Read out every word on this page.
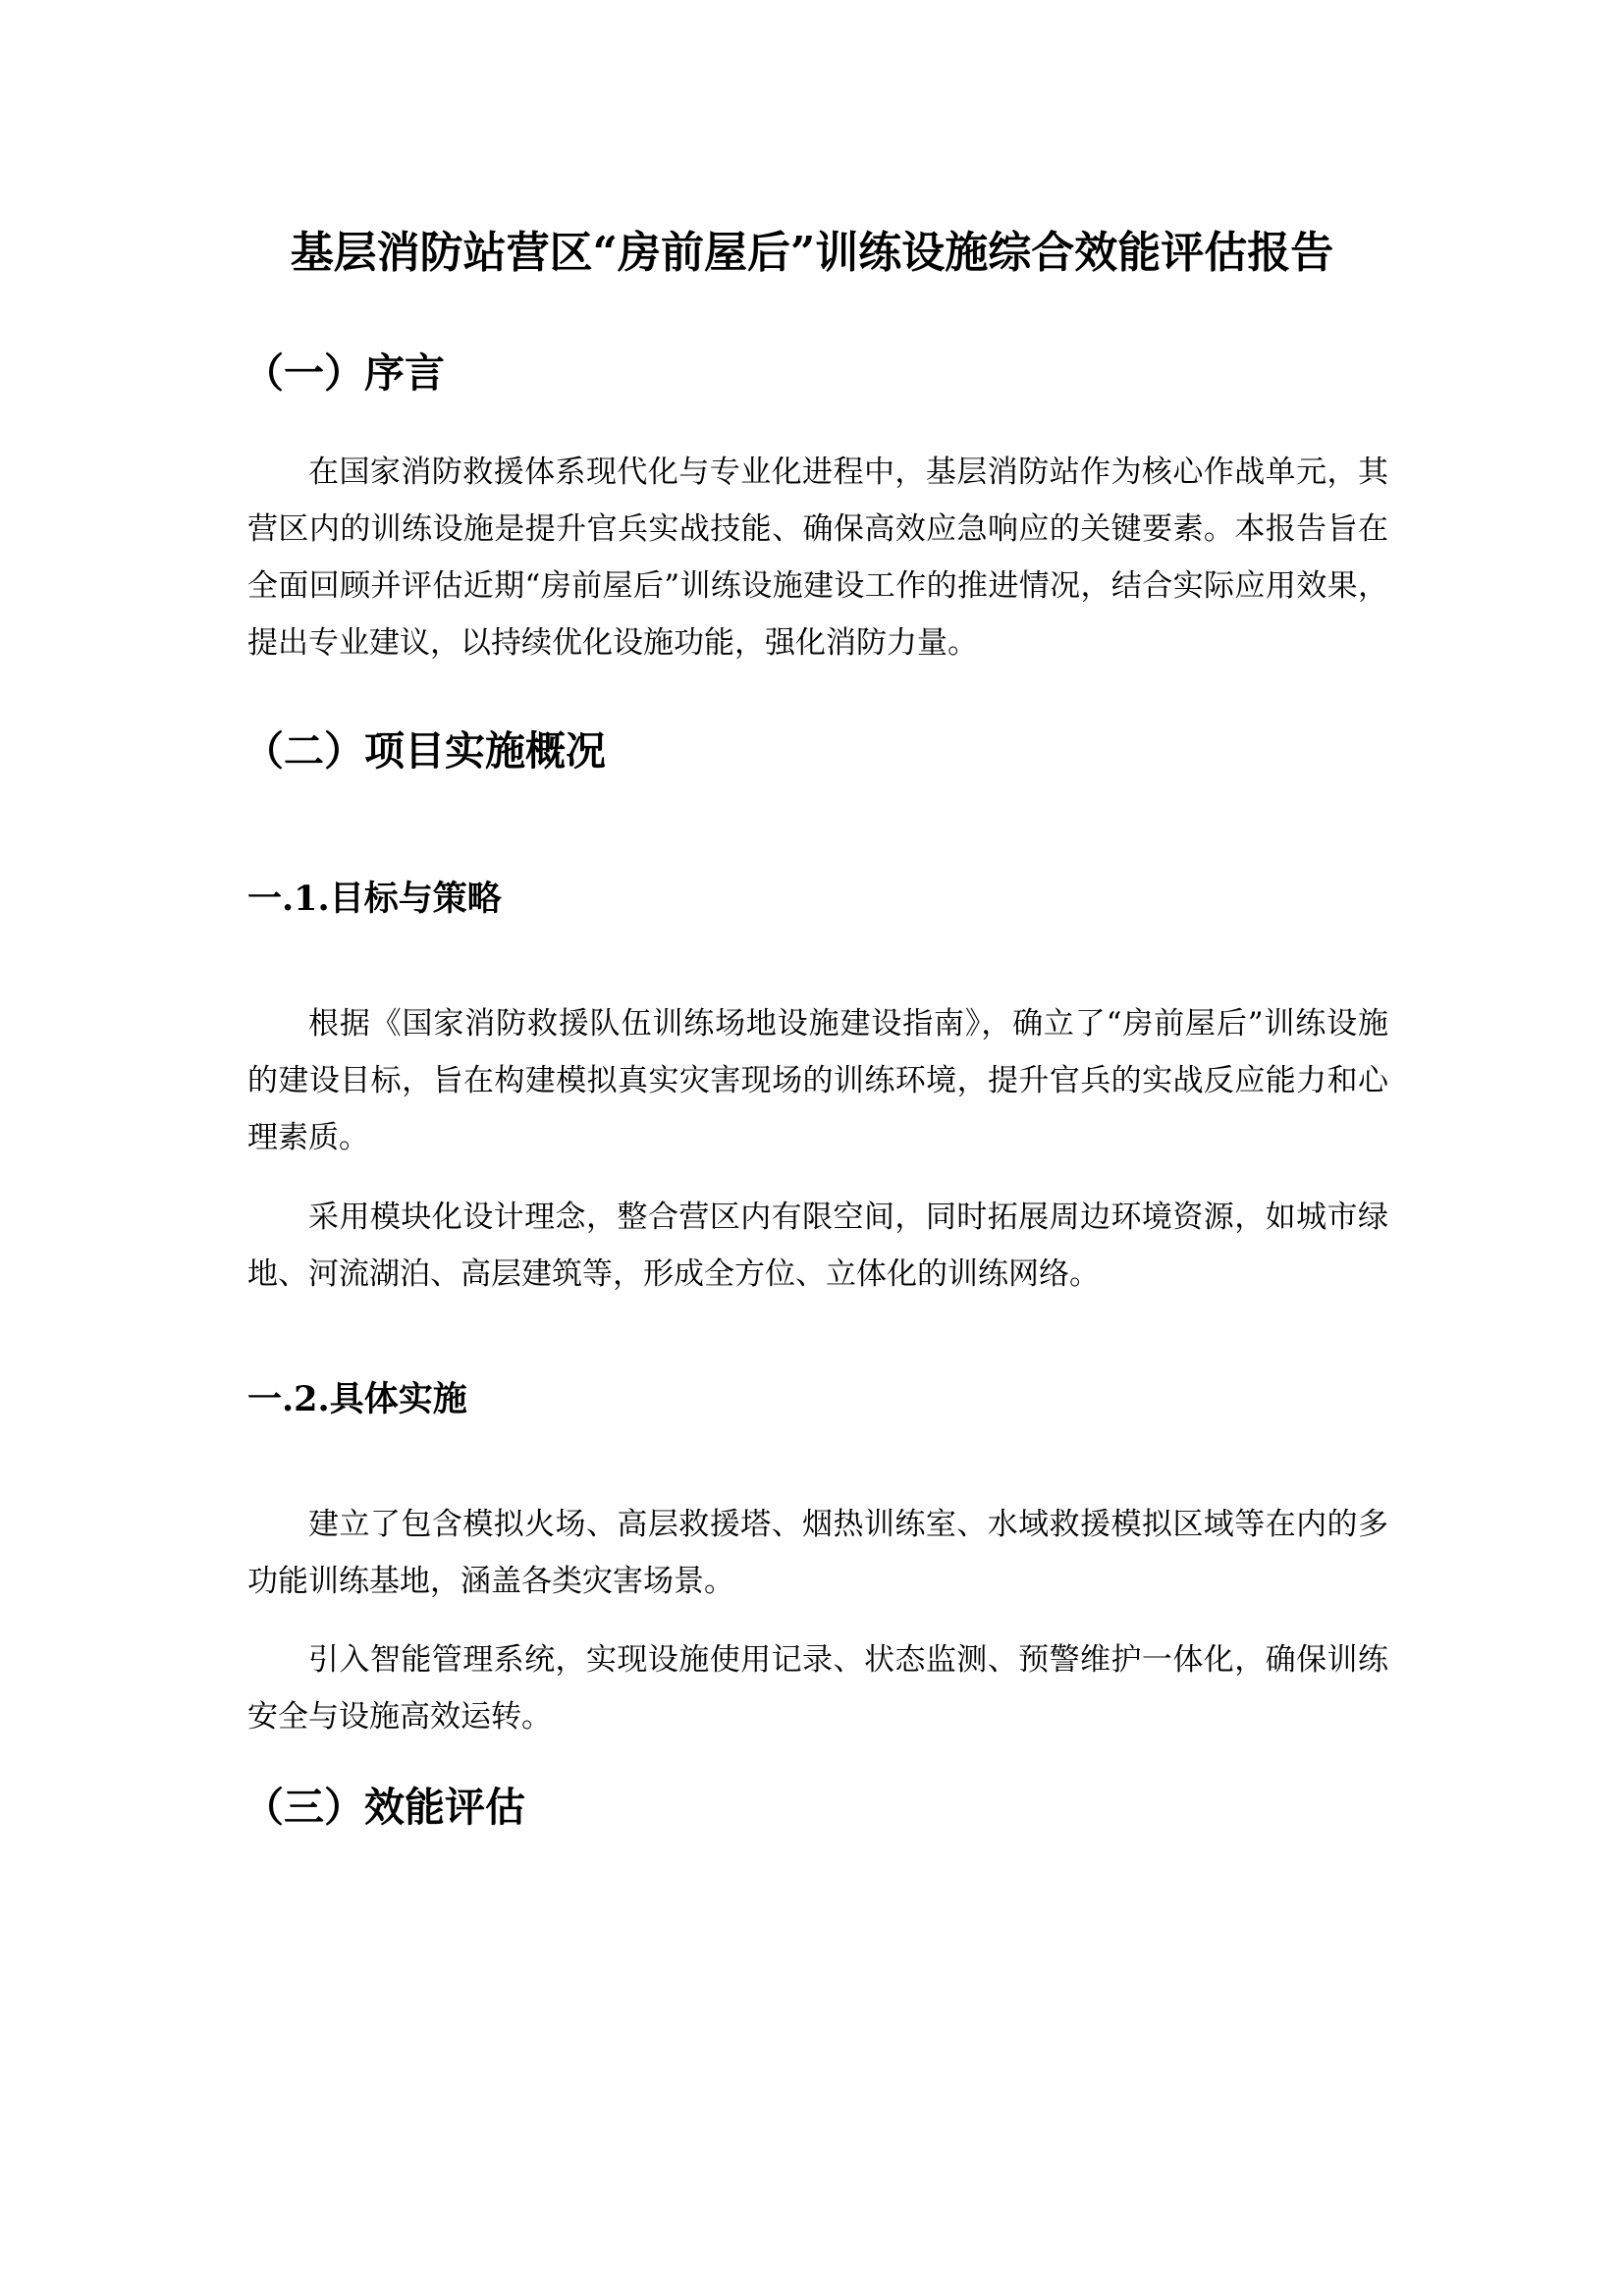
基层消防站营区“房前屋后”训练设施综合效能评估报告
（一）序言

在国家消防救援体系现代化与专业化进程中，基层消防站作为核心作战单元，其营区内的训练设施是提升官兵实战技能、确保高效应急响应的关键要素。本报告旨在全面回顾并评估近期“房前屋后”训练设施建设工作的推进情况，结合实际应用效果，提出专业建议，以持续优化设施功能，强化消防力量。

（二）项目实施概况
一.1.目标与策略

根据《国家消防救援队伍训练场地设施建设指南》，确立了“房前屋后”训练设施的建设目标，旨在构建模拟真实灾害现场的训练环境，提升官兵的实战反应能力和心理素质。

采用模块化设计理念，整合营区内有限空间，同时拓展周边环境资源，如城市绿地、河流湖泊、高层建筑等，形成全方位、立体化的训练网络。

一.2.具体实施

建立了包含模拟火场、高层救援塔、烟热训练室、水域救援模拟区域等在内的多功能训练基地，涵盖各类灾害场景。

引入智能管理系统，实现设施使用记录、状态监测、预警维护一体化，确保训练安全与设施高效运转。

（三）效能评估
